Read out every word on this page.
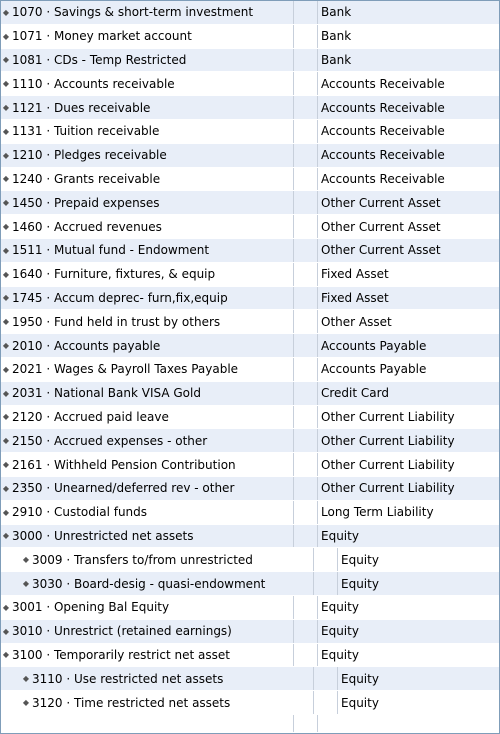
◆ 1070 · Savings & short-term investment	Bank
◆ 1071 · Money market account	Bank
◆ 1081 · CDs - Temp Restricted	Bank
◆ 1110 · Accounts receivable	Accounts Receivable
◆ 1121 · Dues receivable	Accounts Receivable
◆ 1131 · Tuition receivable	Accounts Receivable
◆ 1210 · Pledges receivable	Accounts Receivable
◆ 1240 · Grants receivable	Accounts Receivable
◆ 1450 · Prepaid expenses	Other Current Asset
◆ 1460 · Accrued revenues	Other Current Asset
◆ 1511 · Mutual fund - Endowment	Other Current Asset
◆ 1640 · Furniture, fixtures, & equip	Fixed Asset
◆ 1745 · Accum deprec- furn,fix,equip	Fixed Asset
◆ 1950 · Fund held in trust by others	Other Asset
◆ 2010 · Accounts payable	Accounts Payable
◆ 2021 · Wages & Payroll Taxes Payable	Accounts Payable
◆ 2031 · National Bank VISA Gold	Credit Card
◆ 2120 · Accrued paid leave	Other Current Liability
◆ 2150 · Accrued expenses - other	Other Current Liability
◆ 2161 · Withheld Pension Contribution	Other Current Liability
◆ 2350 · Unearned/deferred rev - other	Other Current Liability
◆ 2910 · Custodial funds	Long Term Liability
◆ 3000 · Unrestricted net assets	Equity
◆ 3009 · Transfers to/from unrestricted	Equity
◆ 3030 · Board-desig - quasi-endowment	Equity
◆ 3001 · Opening Bal Equity	Equity
◆ 3010 · Unrestrict (retained earnings)	Equity
◆ 3100 · Temporarily restrict net asset	Equity
◆ 3110 · Use restricted net assets	Equity
◆ 3120 · Time restricted net assets	Equity
